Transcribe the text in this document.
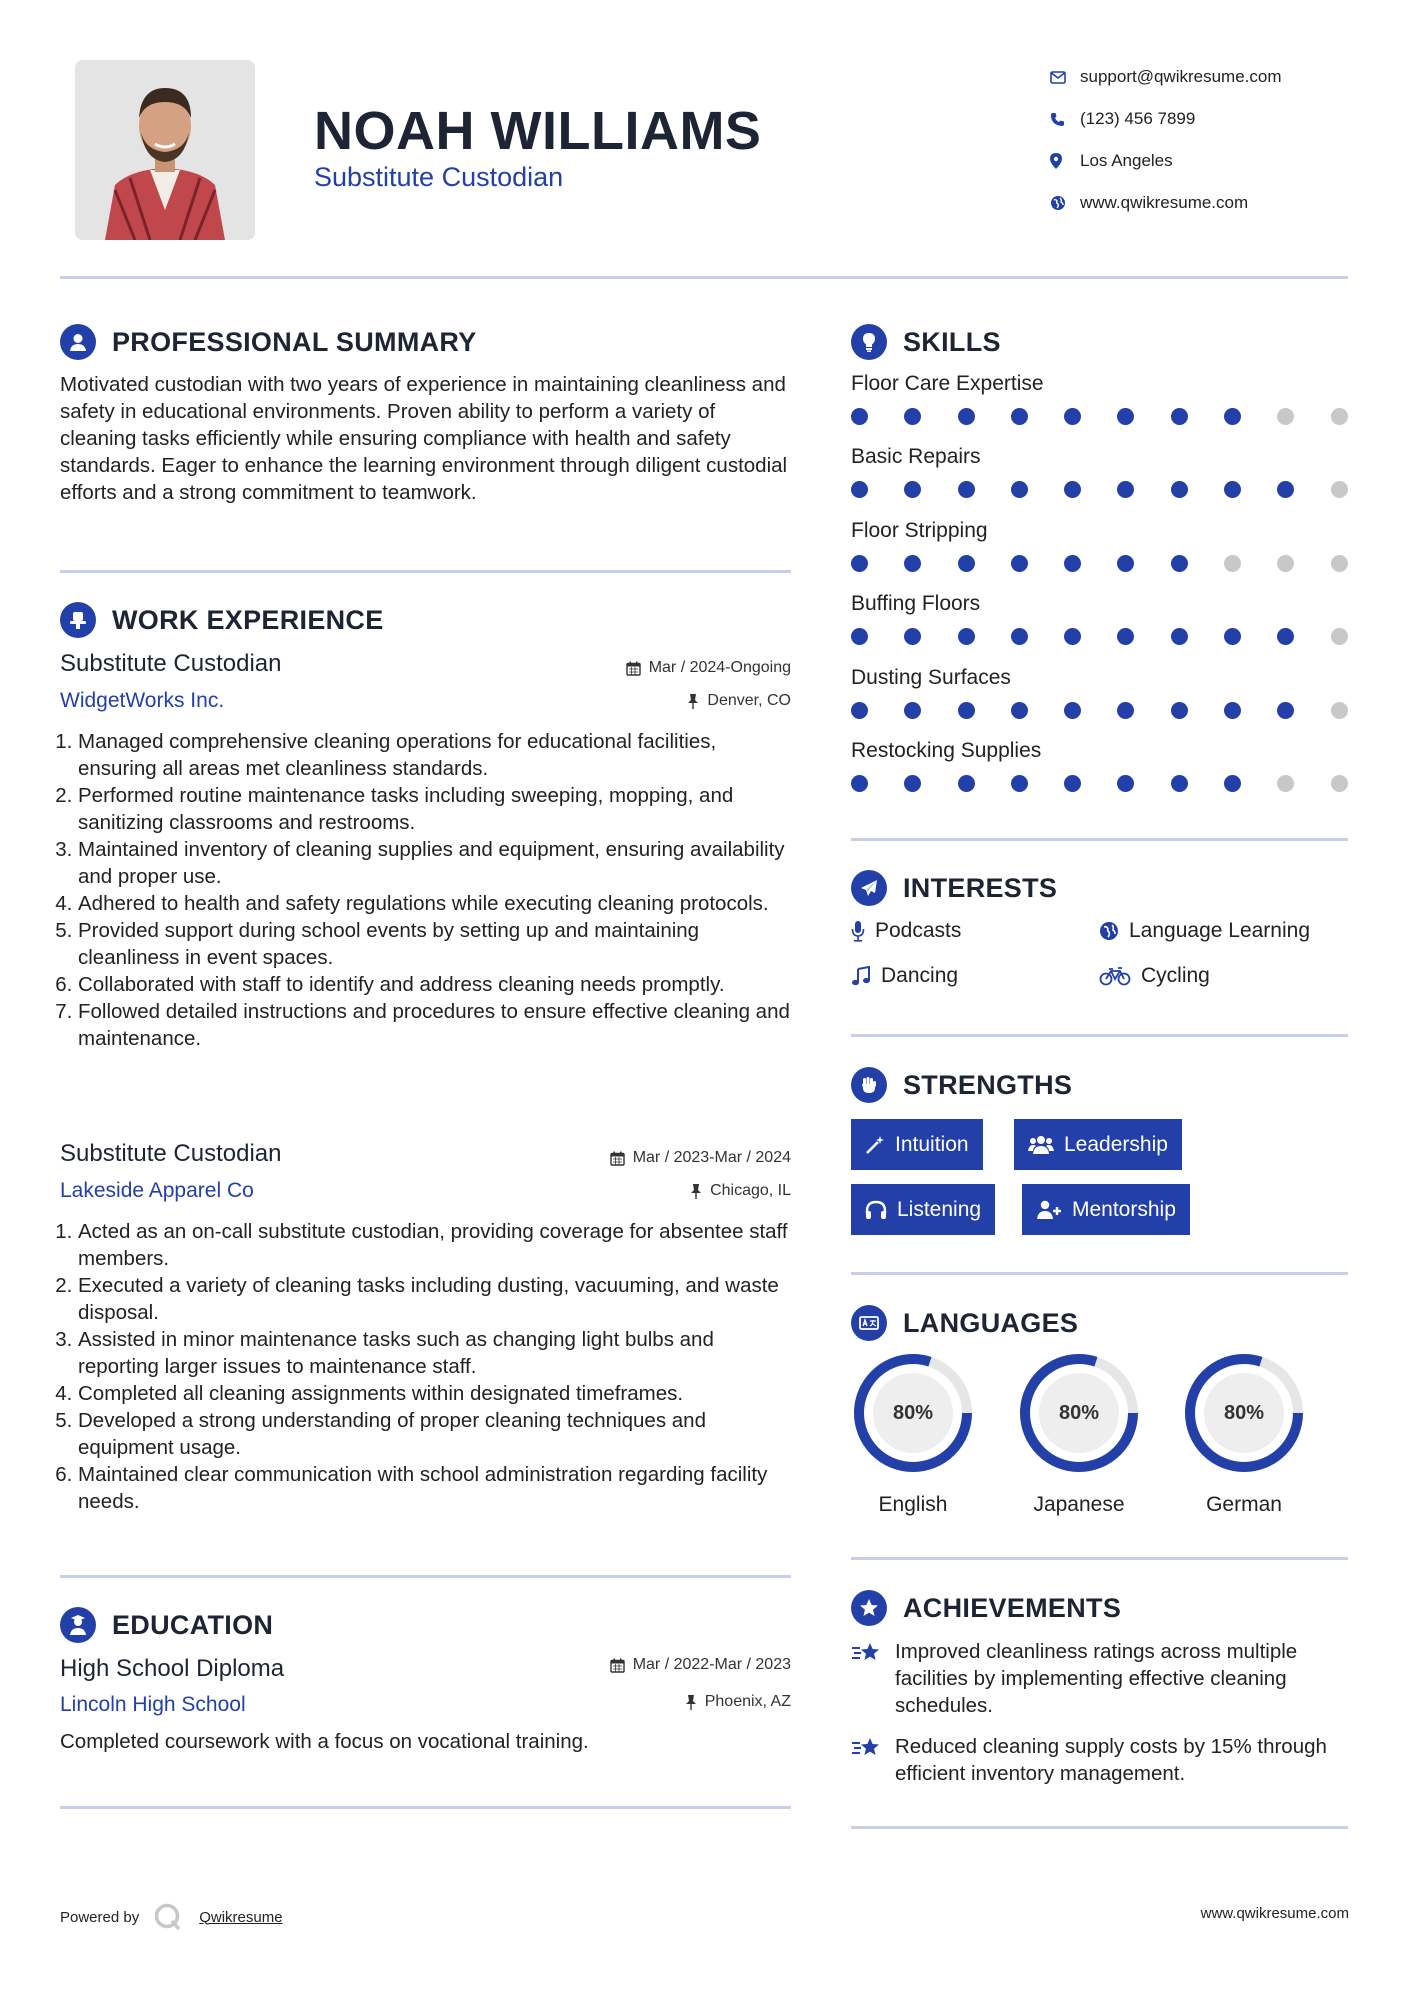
NOAH WILLIAMS
Substitute Custodian
support@qwikresume.com
(123) 456 7899
Los Angeles
www.qwikresume.com
PROFESSIONAL SUMMARY
Motivated custodian with two years of experience in maintaining cleanliness and safety in educational environments. Proven ability to perform a variety of cleaning tasks efficiently while ensuring compliance with health and safety standards. Eager to enhance the learning environment through diligent custodial efforts and a strong commitment to teamwork.
WORK EXPERIENCE
Substitute Custodian	Mar / 2024-Ongoing
WidgetWorks Inc.	Denver, CO
1. Managed comprehensive cleaning operations for educational facilities, ensuring all areas met cleanliness standards.
2. Performed routine maintenance tasks including sweeping, mopping, and sanitizing classrooms and restrooms.
3. Maintained inventory of cleaning supplies and equipment, ensuring availability and proper use.
4. Adhered to health and safety regulations while executing cleaning protocols.
5. Provided support during school events by setting up and maintaining cleanliness in event spaces.
6. Collaborated with staff to identify and address cleaning needs promptly.
7. Followed detailed instructions and procedures to ensure effective cleaning and maintenance.
Substitute Custodian	Mar / 2023-Mar / 2024
Lakeside Apparel Co	Chicago, IL
1. Acted as an on-call substitute custodian, providing coverage for absentee staff members.
2. Executed a variety of cleaning tasks including dusting, vacuuming, and waste disposal.
3. Assisted in minor maintenance tasks such as changing light bulbs and reporting larger issues to maintenance staff.
4. Completed all cleaning assignments within designated timeframes.
5. Developed a strong understanding of proper cleaning techniques and equipment usage.
6. Maintained clear communication with school administration regarding facility needs.
EDUCATION
High School Diploma	Mar / 2022-Mar / 2023
Lincoln High School	Phoenix, AZ
Completed coursework with a focus on vocational training.
SKILLS
Floor Care Expertise
Basic Repairs
Floor Stripping
Buffing Floors
Dusting Surfaces
Restocking Supplies
INTERESTS
Podcasts	Language Learning
Dancing	Cycling
STRENGTHS
Intuition	Leadership
Listening	Mentorship
LANGUAGES
80%
English
80%
Japanese
80%
German
ACHIEVEMENTS
Improved cleanliness ratings across multiple facilities by implementing effective cleaning schedules.
Reduced cleaning supply costs by 15% through efficient inventory management.
Powered by	Qwikresume	www.qwikresume.com
